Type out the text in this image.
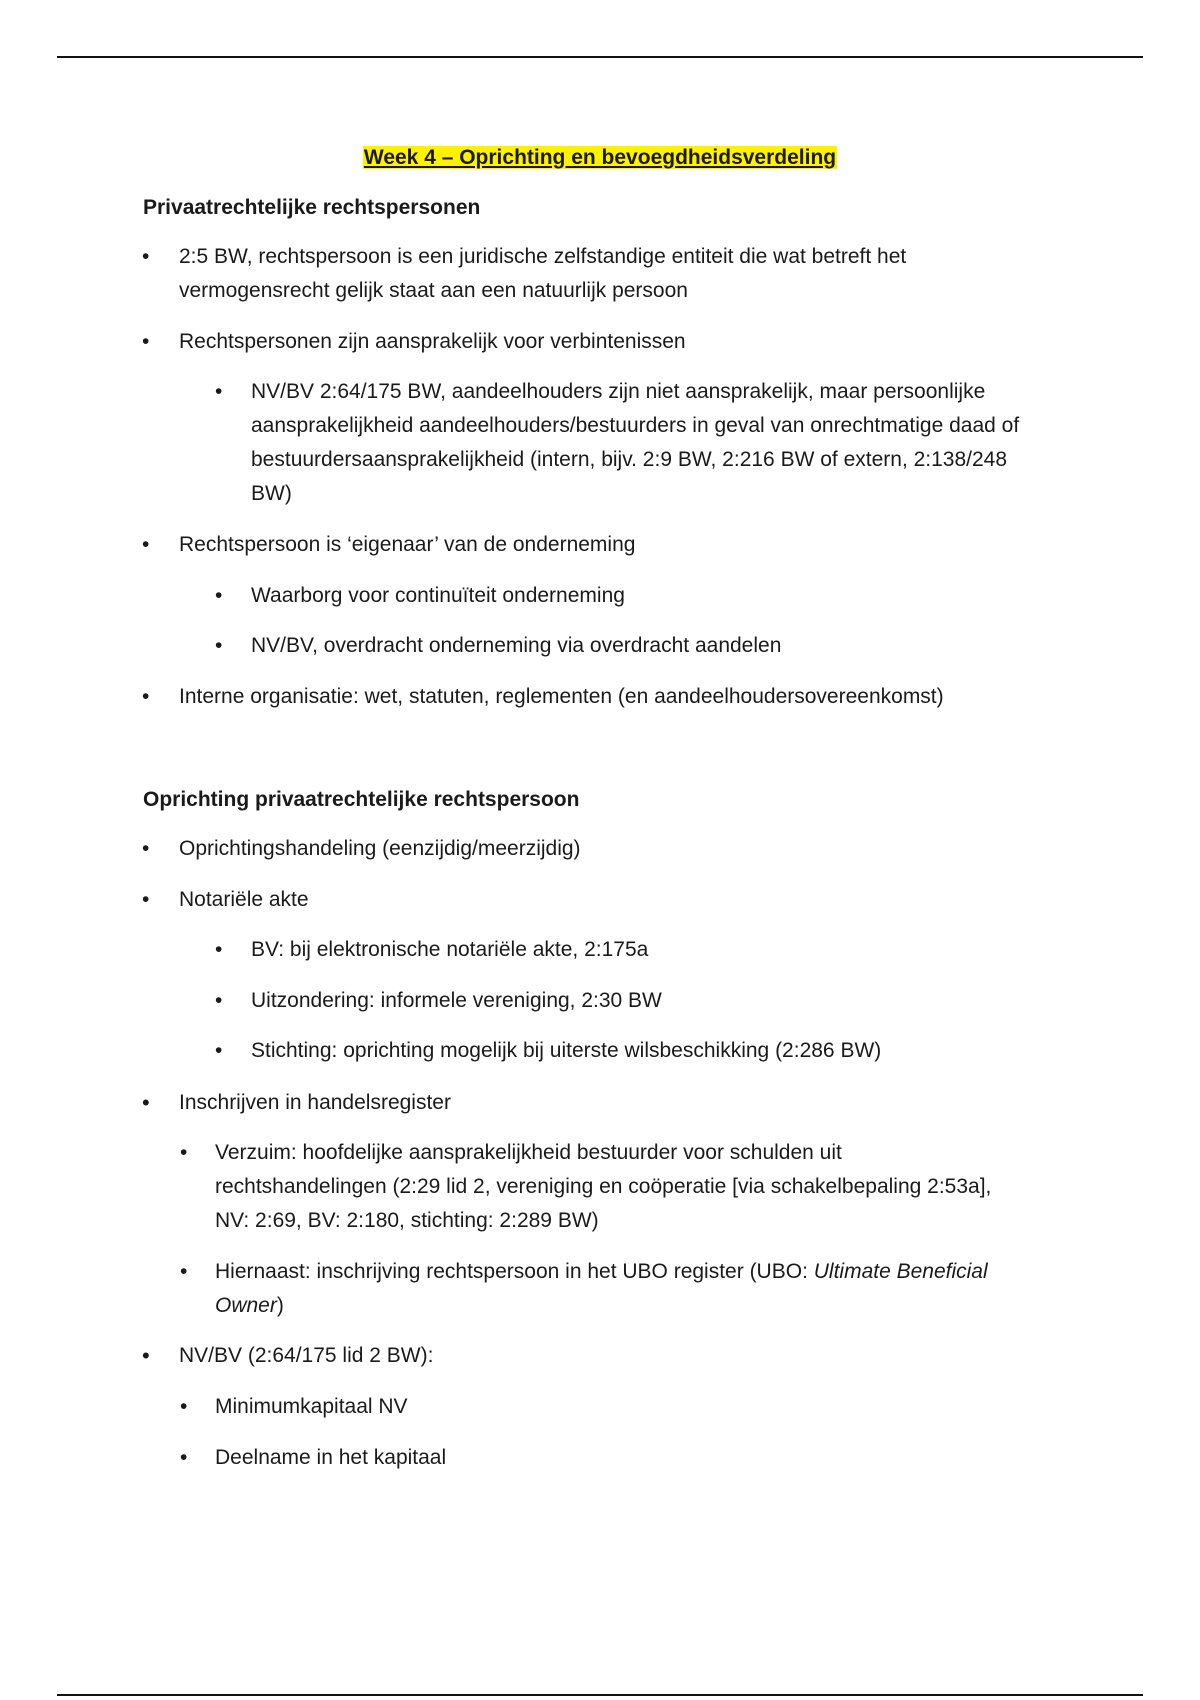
Week 4 – Oprichting en bevoegdheidsverdeling
Privaatrechtelijke rechtspersonen
• 2:5 BW, rechtspersoon is een juridische zelfstandige entiteit die wat betreft het vermogensrecht gelijk staat aan een natuurlijk persoon
• Rechtspersonen zijn aansprakelijk voor verbintenissen
• NV/BV 2:64/175 BW, aandeelhouders zijn niet aansprakelijk, maar persoonlijke aansprakelijkheid aandeelhouders/bestuurders in geval van onrechtmatige daad of bestuurdersaansprakelijkheid (intern, bijv. 2:9 BW, 2:216 BW of extern, 2:138/248 BW)
• Rechtspersoon is ‘eigenaar’ van de onderneming
• Waarborg voor continuïteit onderneming
• NV/BV, overdracht onderneming via overdracht aandelen
• Interne organisatie: wet, statuten, reglementen (en aandeelhoudersovereenkomst)
Oprichting privaatrechtelijke rechtspersoon
• Oprichtingshandeling (eenzijdig/meerzijdig)
• Notariële akte
• BV: bij elektronische notariële akte, 2:175a
• Uitzondering: informele vereniging, 2:30 BW
• Stichting: oprichting mogelijk bij uiterste wilsbeschikking (2:286 BW)
• Inschrijven in handelsregister
• Verzuim: hoofdelijke aansprakelijkheid bestuurder voor schulden uit rechtshandelingen (2:29 lid 2, vereniging en coöperatie [via schakelbepaling 2:53a], NV: 2:69, BV: 2:180, stichting: 2:289 BW)
• Hiernaast: inschrijving rechtspersoon in het UBO register (UBO: Ultimate Beneficial Owner)
• NV/BV (2:64/175 lid 2 BW):
• Minimumkapitaal NV
• Deelname in het kapitaal
